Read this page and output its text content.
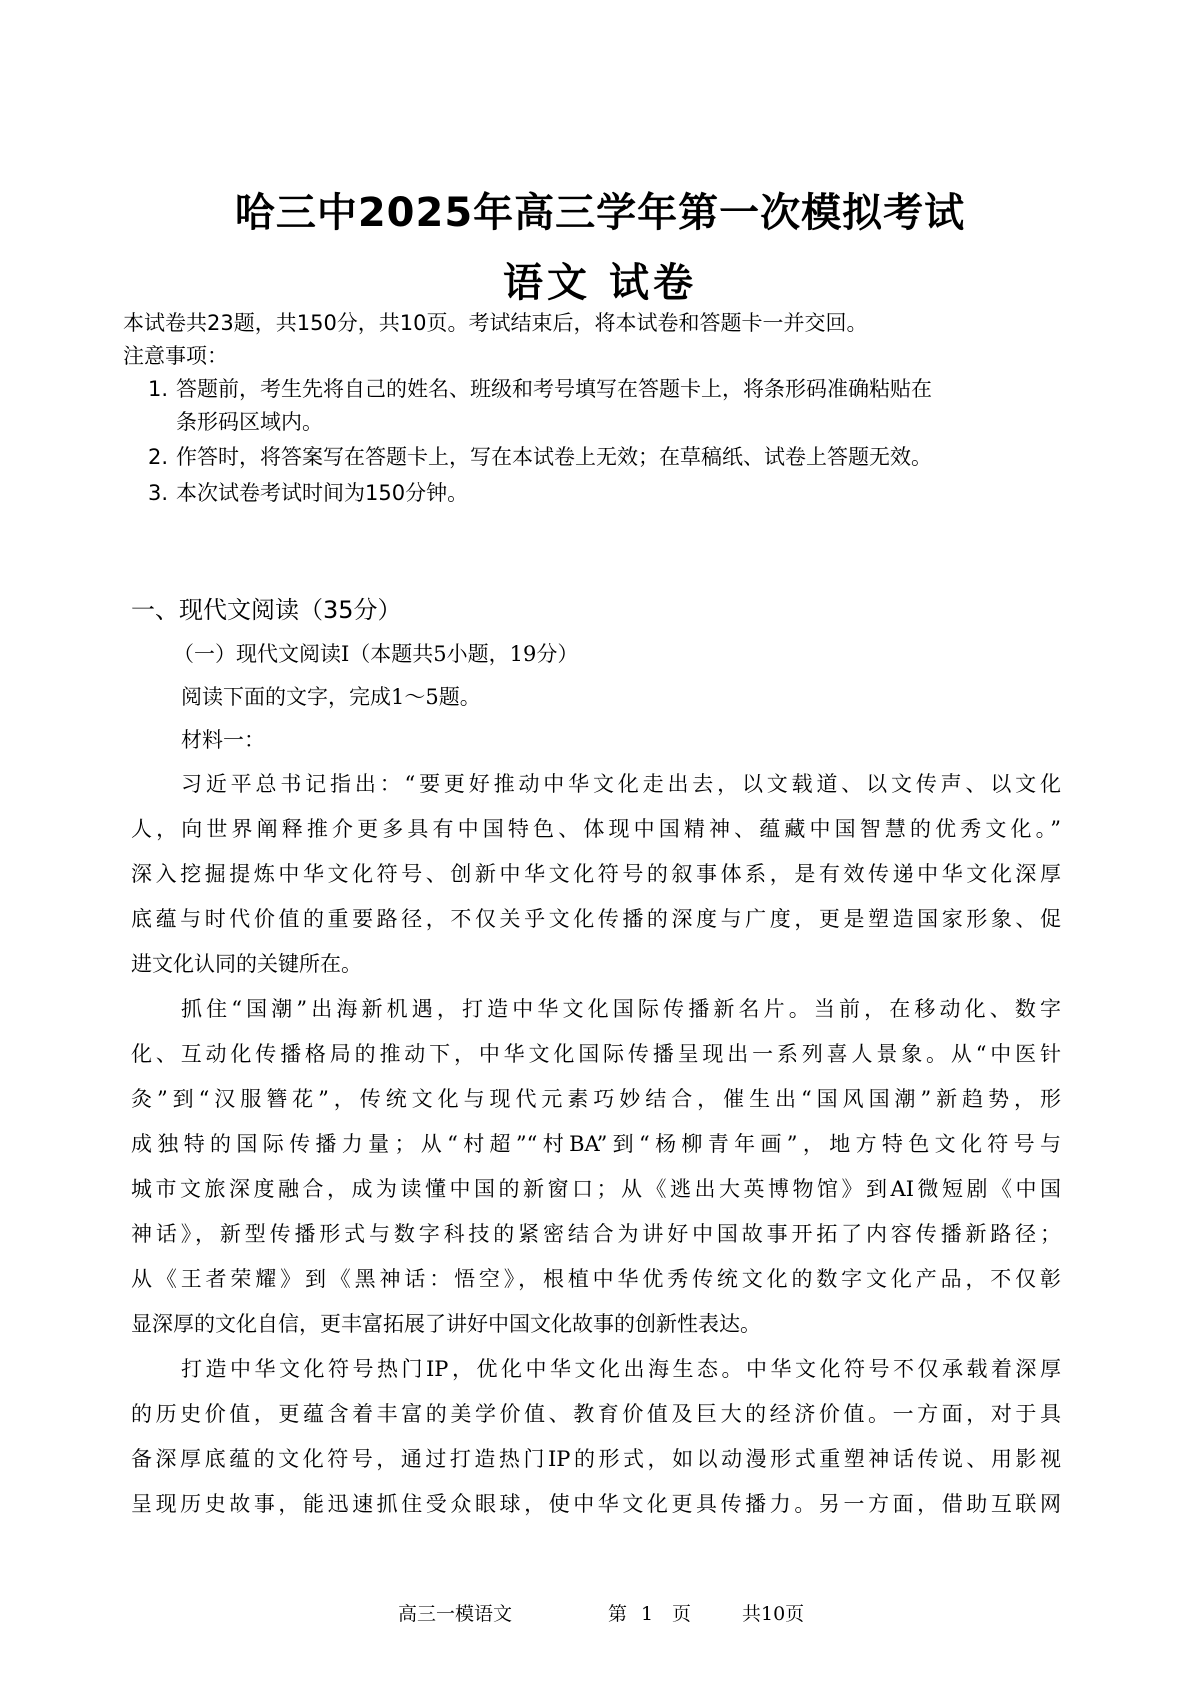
哈三中2025年高三学年第一次模拟考试
语文 试卷
本试卷共23题，共150分，共10页。考试结束后，将本试卷和答题卡一并交回。
注意事项：
1. 答题前，考生先将自己的姓名、班级和考号填写在答题卡上，将条形码准确粘贴在
条形码区域内。
2. 作答时，将答案写在答题卡上，写在本试卷上无效；在草稿纸、试卷上答题无效。
3. 本次试卷考试时间为150分钟。
一、现代文阅读（35分）
（一）现代文阅读Ⅰ（本题共5小题，19分）
阅读下面的文字，完成1～5题。
材料一：
习近平总书记指出：“要更好推动中华文化走出去，以文载道、以文传声、以文化
人，向世界阐释推介更多具有中国特色、体现中国精神、蕴藏中国智慧的优秀文化。”
深入挖掘提炼中华文化符号、创新中华文化符号的叙事体系，是有效传递中华文化深厚
底蕴与时代价值的重要路径，不仅关乎文化传播的深度与广度，更是塑造国家形象、促
进文化认同的关键所在。
抓住“国潮”出海新机遇，打造中华文化国际传播新名片。当前，在移动化、数字
化、互动化传播格局的推动下，中华文化国际传播呈现出一系列喜人景象。从“中医针
灸”到“汉服簪花”，传统文化与现代元素巧妙结合，催生出“国风国潮”新趋势，形
成独特的国际传播力量；从“村超”“村BA”到“杨柳青年画”，地方特色文化符号与
城市文旅深度融合，成为读懂中国的新窗口；从《逃出大英博物馆》到AI微短剧《中国
神话》，新型传播形式与数字科技的紧密结合为讲好中国故事开拓了内容传播新路径；
从《王者荣耀》到《黑神话：悟空》，根植中华优秀传统文化的数字文化产品，不仅彰
显深厚的文化自信，更丰富拓展了讲好中国文化故事的创新性表达。
打造中华文化符号热门IP，优化中华文化出海生态。中华文化符号不仅承载着深厚
的历史价值，更蕴含着丰富的美学价值、教育价值及巨大的经济价值。一方面，对于具
备深厚底蕴的文化符号，通过打造热门IP的形式，如以动漫形式重塑神话传说、用影视
呈现历史故事，能迅速抓住受众眼球，使中华文化更具传播力。另一方面，借助互联网
高三一模语文	第 1 页	共10页
